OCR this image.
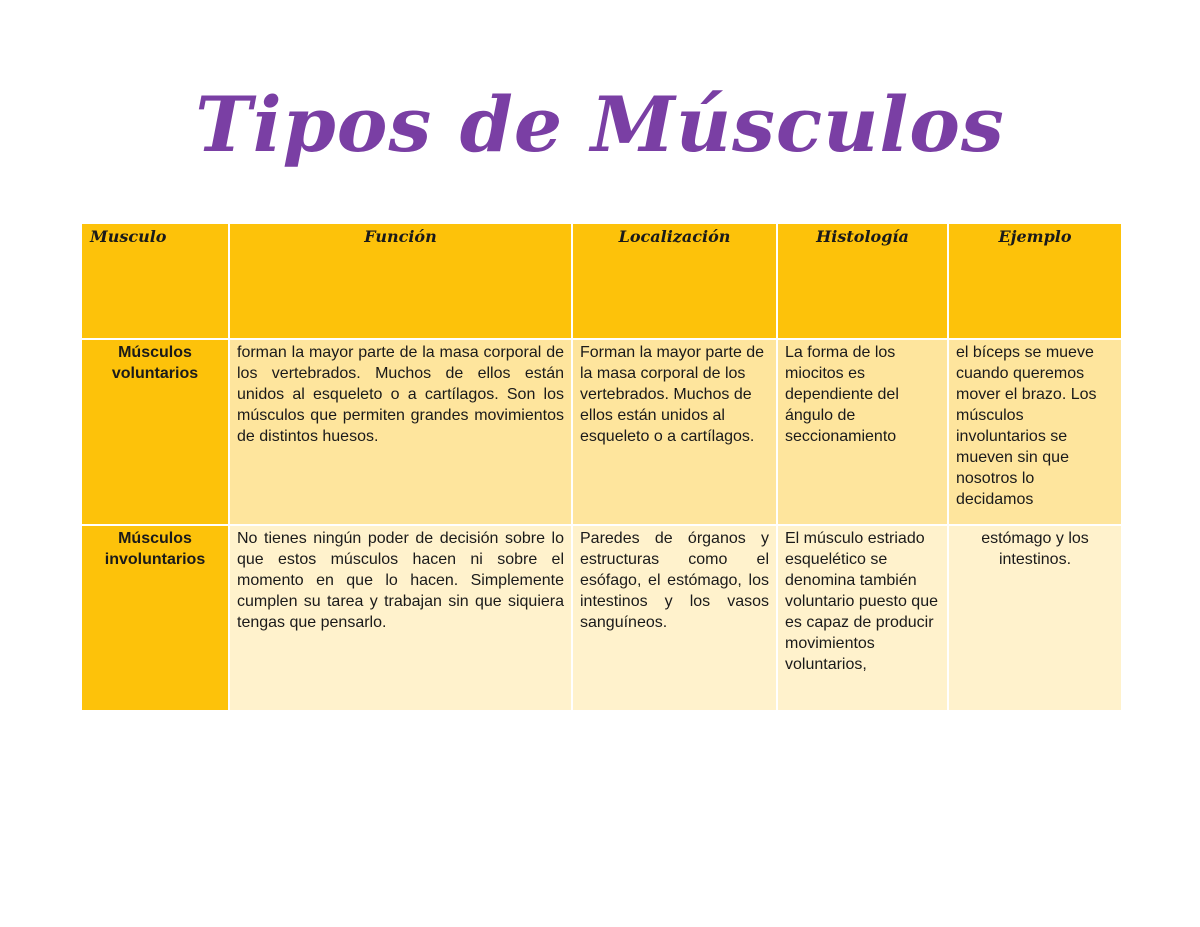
Tipos de Músculos
Musculo	Función	Localización	Histología	Ejemplo
Músculos voluntarios	forman la mayor parte de la masa corporal de los vertebrados. Muchos de ellos están unidos al esqueleto o a cartílagos. Son los músculos que permiten grandes movimientos de distintos huesos.	Forman la mayor parte de la masa corporal de los vertebrados. Muchos de ellos están unidos al esqueleto o a cartílagos.	La forma de los miocitos es dependiente del ángulo de seccionamiento	el bíceps se mueve cuando queremos mover el brazo. Los músculos involuntarios se mueven sin que nosotros lo decidamos
Músculos involuntarios	No tienes ningún poder de decisión sobre lo que estos músculos hacen ni sobre el momento en que lo hacen. Simplemente cumplen su tarea y trabajan sin que siquiera tengas que pensarlo.	Paredes de órganos y estructuras como el esófago, el estómago, los intestinos y los vasos sanguíneos.	El músculo estriado esquelético se denomina también voluntario puesto que es capaz de producir movimientos voluntarios,	estómago y los intestinos.
